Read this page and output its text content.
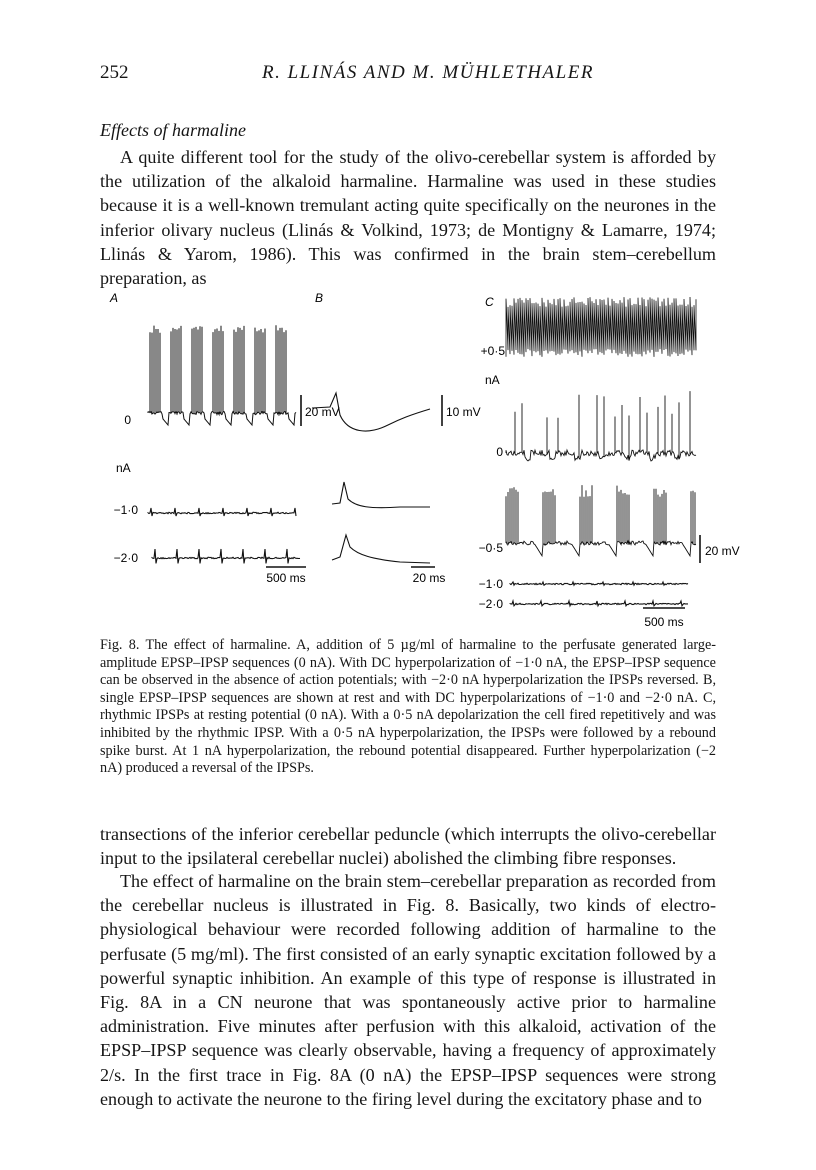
252	R. LLINÁS AND M. MÜHLETHALER
Effects of harmaline
A quite different tool for the study of the olivo-cerebellar system is afforded by the utilization of the alkaloid harmaline. Harmaline was used in these studies because it is a well-known tremulant acting quite specifically on the neurones in the inferior olivary nucleus (Llinás & Volkind, 1973; de Montigny & Lamarre, 1974; Llinás & Yarom, 1986). This was confirmed in the brain stem–cerebellum preparation, as
A	B	C
0
nA
−1·0
−2·0
20 mV
500 ms
10 mV
20 ms
+0·5
nA
0
−0·5
−1·0
−2·0
20 mV
500 ms
Fig. 8. The effect of harmaline. A, addition of 5 µg/ml of harmaline to the perfusate generated large-amplitude EPSP–IPSP sequences (0 nA). With DC hyperpolarization of −1·0 nA, the EPSP–IPSP sequence can be observed in the absence of action potentials; with −2·0 nA hyperpolarization the IPSPs reversed. B, single EPSP–IPSP sequences are shown at rest and with DC hyperpolarizations of −1·0 and −2·0 nA. C, rhythmic IPSPs at resting potential (0 nA). With a 0·5 nA depolarization the cell fired repetitively and was inhibited by the rhythmic IPSP. With a 0·5 nA hyperpolarization, the IPSPs were followed by a rebound spike burst. At 1 nA hyperpolarization, the rebound potential disappeared. Further hyperpolarization (−2 nA) produced a reversal of the IPSPs.
transections of the inferior cerebellar peduncle (which interrupts the olivo-cerebellar input to the ipsilateral cerebellar nuclei) abolished the climbing fibre responses.
The effect of harmaline on the brain stem–cerebellar preparation as recorded from the cerebellar nucleus is illustrated in Fig. 8. Basically, two kinds of electro-physiological behaviour were recorded following addition of harmaline to the perfusate (5 mg/ml). The first consisted of an early synaptic excitation followed by a powerful synaptic inhibition. An example of this type of response is illustrated in Fig. 8A in a CN neurone that was spontaneously active prior to harmaline administration. Five minutes after perfusion with this alkaloid, activation of the EPSP–IPSP sequence was clearly observable, having a frequency of approximately 2/s. In the first trace in Fig. 8A (0 nA) the EPSP–IPSP sequences were strong enough to activate the neurone to the firing level during the excitatory phase and to
